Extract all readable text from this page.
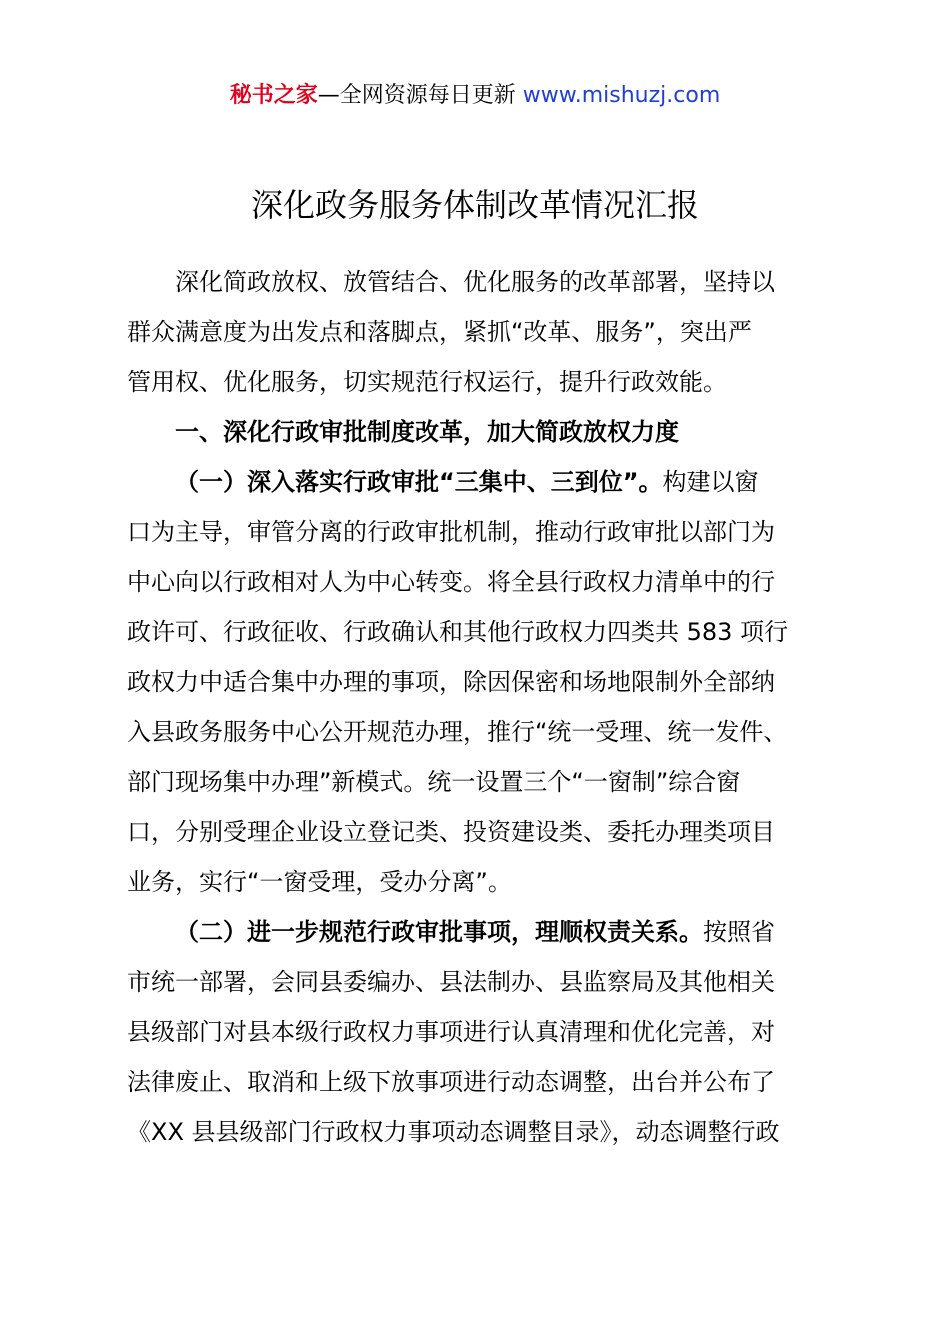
秘书之家—全网资源每日更新 www.mishuzj.com
深化政务服务体制改革情况汇报
深化简政放权、放管结合、优化服务的改革部署，坚持以
群众满意度为出发点和落脚点，紧抓“改革、服务”，突出严
管用权、优化服务，切实规范行权运行，提升行政效能。
一、深化行政审批制度改革，加大简政放权力度
（一）深入落实行政审批“三集中、三到位”。构建以窗
口为主导，审管分离的行政审批机制，推动行政审批以部门为
中心向以行政相对人为中心转变。将全县行政权力清单中的行
政许可、行政征收、行政确认和其他行政权力四类共 583 项行
政权力中适合集中办理的事项，除因保密和场地限制外全部纳
入县政务服务中心公开规范办理，推行“统一受理、统一发件、
部门现场集中办理”新模式。统一设置三个“一窗制”综合窗
口，分别受理企业设立登记类、投资建设类、委托办理类项目
业务，实行“一窗受理，受办分离”。
（二）进一步规范行政审批事项，理顺权责关系。按照省
市统一部署，会同县委编办、县法制办、县监察局及其他相关
县级部门对县本级行政权力事项进行认真清理和优化完善，对
法律废止、取消和上级下放事项进行动态调整，出台并公布了
《XX 县县级部门行政权力事项动态调整目录》，动态调整行政
